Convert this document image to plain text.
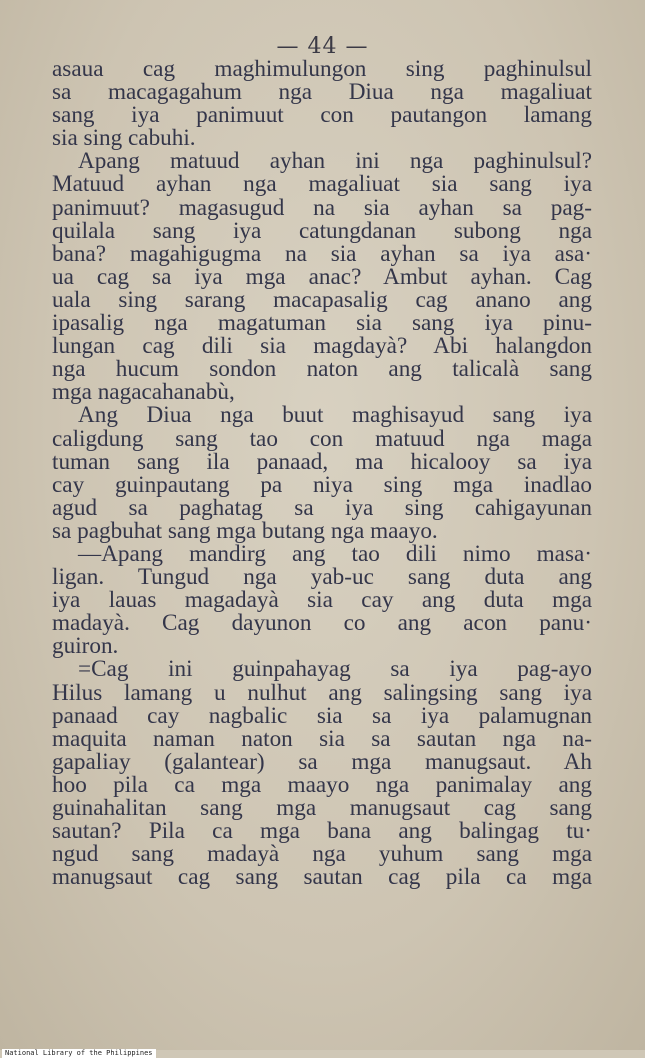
— 44 —
asaua cag maghimulungon sing paghinulsul
sa macagagahum nga Diua nga magaliuat
sang iya panimuut con pautangon lamang
sia sing cabuhi.
Apang matuud ayhan ini nga paghinulsul?
Matuud ayhan nga magaliuat sia sang iya
panimuut? magasugud na sia ayhan sa pag-
quilala sang iya catungdanan subong nga
bana? magahigugma na sia ayhan sa iya asa·
ua cag sa iya mga anac? Ambut ayhan. Cag
uala sing sarang macapasalig cag anano ang
ipasalig nga magatuman sia sang iya pinu-
lungan cag dili sia magdayà? Abi halangdon
nga hucum sondon naton ang talicalà sang
mga nagacahanabù,
Ang Diua nga buut maghisayud sang iya
caligdung sang tao con matuud nga maga
tuman sang ila panaad, ma hicalooy sa iya
cay guinpautang pa niya sing mga inadlao
agud sa paghatag sa iya sing cahigayunan
sa pagbuhat sang mga butang nga maayo.
—Apang mandirg ang tao dili nimo masa·
ligan. Tungud nga yab-uc sang duta ang
iya lauas magadayà sia cay ang duta mga
madayà. Cag dayunon co ang acon panu·
guiron.
=Cag ini guinpahayag sa iya pag-ayo
Hilus lamang u nulhut ang salingsing sang iya
panaad cay nagbalic sia sa iya palamugnan
maquita naman naton sia sa sautan nga na-
gapaliay (galantear) sa mga manugsaut. Ah
hoo pila ca mga maayo nga panimalay ang
guinahalitan sang mga manugsaut cag sang
sautan? Pila ca mga bana ang balingag tu·
ngud sang madayà nga yuhum sang mga
manugsaut cag sang sautan cag pila ca mga
National Library of the Philippines
